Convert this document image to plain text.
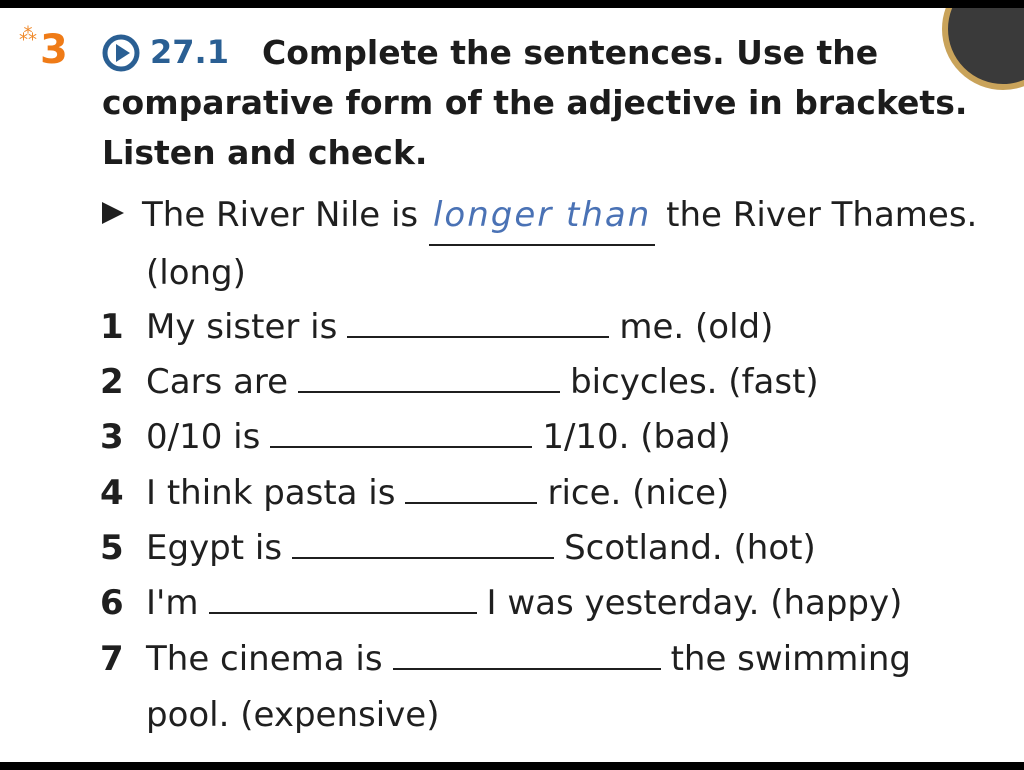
⁂ 3	Complete the sentences. Use the comparative form of the adjective in brackets. Listen and check.
27.1
The River Nile is longer than the River Thames.
(long)
1 My sister is	me. (old)
2 Cars are	bicycles. (fast)
3 0/10 is	1/10. (bad)
4 I think pasta is	rice. (nice)
5 Egypt is	Scotland. (hot)
6 I'm	I was yesterday. (happy)
7 The cinema is	the swimming
pool. (expensive)
